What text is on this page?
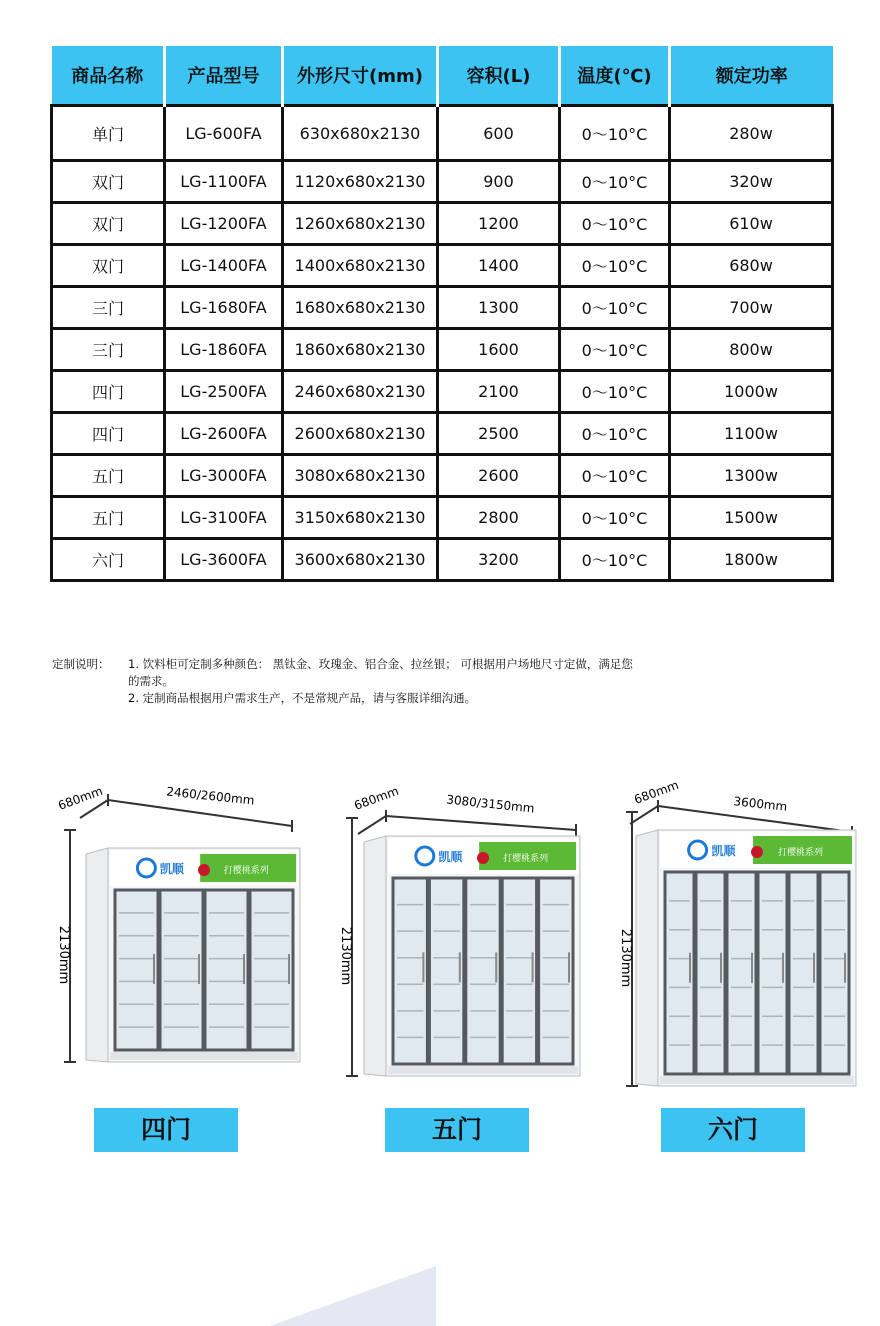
商品名称	产品型号	外形尺寸(mm)	容积(L)	温度(℃)	额定功率
单门	LG-600FA	630x680x2130	600	0～10°C	280w
双门	LG-1100FA	1120x680x2130	900	0～10°C	320w
双门	LG-1200FA	1260x680x2130	1200	0～10°C	610w
双门	LG-1400FA	1400x680x2130	1400	0～10°C	680w
三门	LG-1680FA	1680x680x2130	1300	0～10°C	700w
三门	LG-1860FA	1860x680x2130	1600	0～10°C	800w
四门	LG-2500FA	2460x680x2130	2100	0～10°C	1000w
四门	LG-2600FA	2600x680x2130	2500	0～10°C	1100w
五门	LG-3000FA	3080x680x2130	2600	0～10°C	1300w
五门	LG-3100FA	3150x680x2130	2800	0～10°C	1500w
六门	LG-3600FA	3600x680x2130	3200	0～10°C	1800w
定制说明： 1. 饮料柜可定制多种颜色： 黑钛金、玫瑰金、铝合金、拉丝银； 可根据用户场地尺寸定做，满足您
的需求。
2. 定制商品根据用户需求生产，不是常规产品，请与客服详细沟通。
2130mm
680mm	2460/2600mm
打樱桃系列
凯顺
2130mm
680mm	3080/3150mm
打樱桃系列
凯顺
2130mm
680mm	3600mm
打樱桃系列
凯顺
四门	五门	六门
